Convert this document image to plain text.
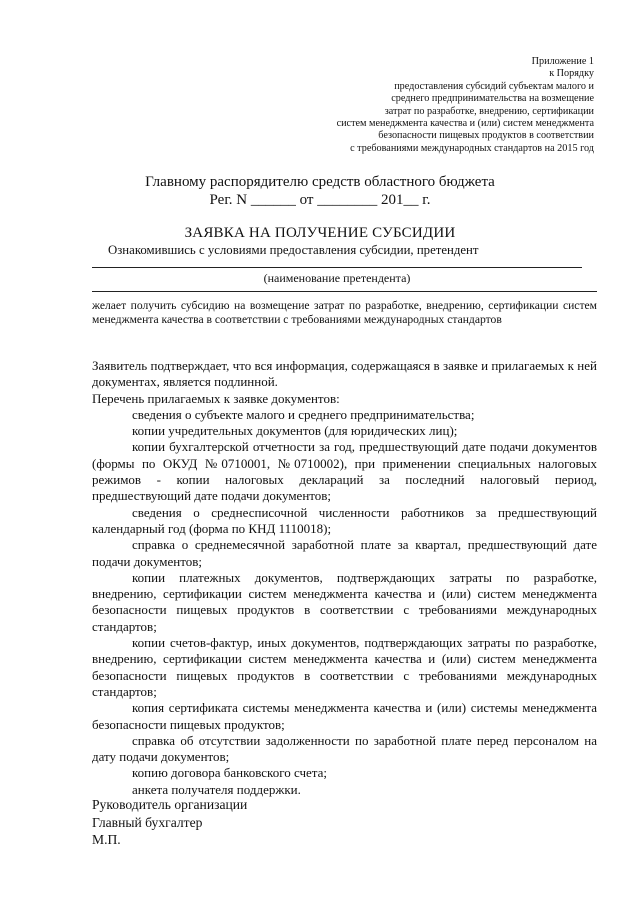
Приложение 1
к Порядку
предоставления субсидий субъектам малого и
среднего предпринимательства на возмещение
затрат по разработке, внедрению, сертификации
систем менеджмента качества и (или) систем менеджмента
безопасности пищевых продуктов в соответствии
с требованиями международных стандартов на 2015 год
Главному распорядителю средств областного бюджета
Рег. N ______ от ________ 201__ г.
ЗАЯВКА НА ПОЛУЧЕНИЕ СУБСИДИИ
Ознакомившись с условиями предоставления субсидии, претендент
(наименование претендента)
желает получить субсидию на возмещение затрат по разработке, внедрению, сертификации систем менеджмента качества в соответствии с требованиями международных стандартов

Заявитель подтверждает, что вся информация, содержащаяся в заявке и прилагаемых к ней документах, является подлинной.

Перечень прилагаемых к заявке документов:

сведения о субъекте малого и среднего предпринимательства;

копии учредительных документов (для юридических лиц);

копии бухгалтерской отчетности за год, предшествующий дате подачи документов (формы по ОКУД №0710001, №0710002), при применении специальных налоговых режимов - копии налоговых деклараций за последний налоговый период, предшествующий дате подачи документов;

сведения о среднесписочной численности работников за предшествующий календарный год (форма по КНД 1110018);

справка о среднемесячной заработной плате за квартал, предшествующий дате подачи документов;

копии платежных документов, подтверждающих затраты по разработке, внедрению, сертификации систем менеджмента качества и (или) систем менеджмента безопасности пищевых продуктов в соответствии с требованиями международных стандартов;

копии счетов-фактур, иных документов, подтверждающих затраты по разработке, внедрению, сертификации систем менеджмента качества и (или) систем менеджмента безопасности пищевых продуктов в соответствии с требованиями международных стандартов;

копия сертификата системы менеджмента качества и (или) системы менеджмента безопасности пищевых продуктов;

справка об отсутствии задолженности по заработной плате перед персоналом на дату подачи документов;

копию договора банковского счета;

анкета получателя поддержки.

Руководитель организации
Главный бухгалтер
М.П.
